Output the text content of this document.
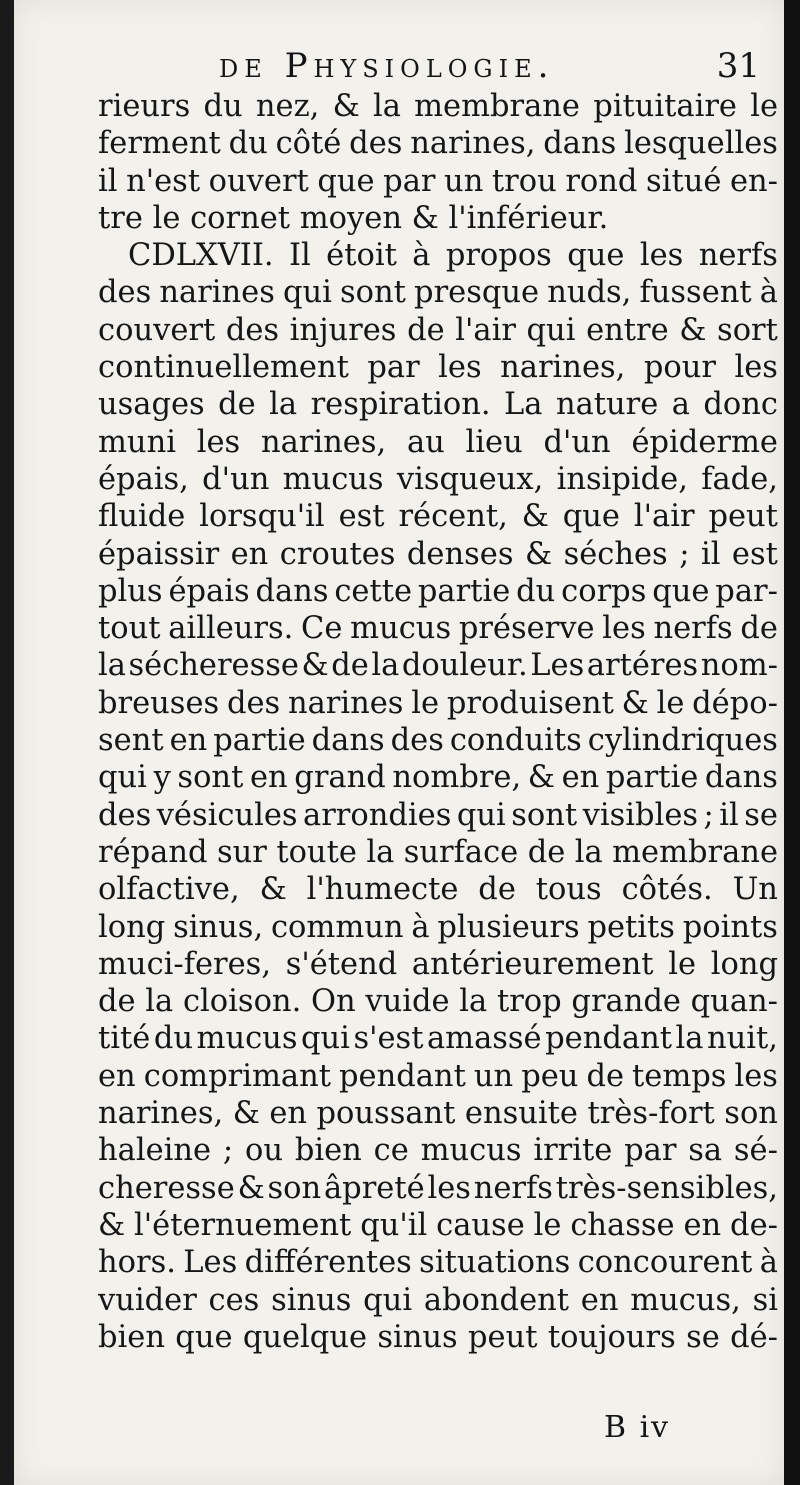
de Physiologie.	31
rieurs du nez, & la membrane pituitaire le
ferment du côté des narines, dans lesquelles
il n'est ouvert que par un trou rond situé en-
tre le cornet moyen & l'inférieur.
CDLXVII. Il étoit à propos que les nerfs
des narines qui sont presque nuds, fussent à
couvert des injures de l'air qui entre & sort
continuellement par les narines, pour les
usages de la respiration. La nature a donc
muni les narines, au lieu d'un épiderme
épais, d'un mucus visqueux, insipide, fade,
fluide lorsqu'il est récent, & que l'air peut
épaissir en croutes denses & séches ; il est
plus épais dans cette partie du corps que par-
tout ailleurs. Ce mucus préserve les nerfs de
la sécheresse & de la douleur. Les artéres nom-
breuses des narines le produisent & le dépo-
sent en partie dans des conduits cylindriques
qui y sont en grand nombre, & en partie dans
des vésicules arrondies qui sont visibles ; il se
répand sur toute la surface de la membrane
olfactive, & l'humecte de tous côtés. Un
long sinus, commun à plusieurs petits points
muci-feres, s'étend antérieurement le long
de la cloison. On vuide la trop grande quan-
tité du mucus qui s'est amassé pendant la nuit,
en comprimant pendant un peu de temps les
narines, & en poussant ensuite très-fort son
haleine ; ou bien ce mucus irrite par sa sé-
cheresse & son âpreté les nerfs très-sensibles,
& l'éternuement qu'il cause le chasse en de-
hors. Les différentes situations concourent à
vuider ces sinus qui abondent en mucus, si
bien que quelque sinus peut toujours se dé-
B iv
